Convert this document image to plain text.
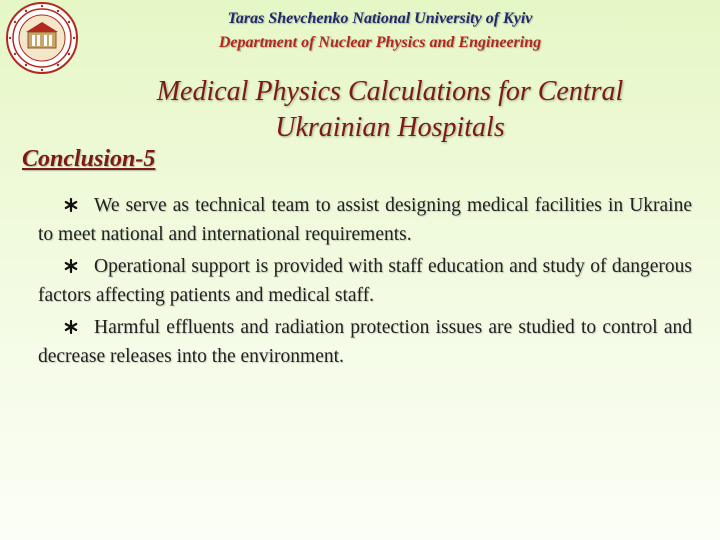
Taras Shevchenko National University of Kyiv
Department of Nuclear Physics and Engineering
Medical Physics Calculations for Central Ukrainian Hospitals
Conclusion-5

We serve as technical team to assist designing medical facilities in Ukraine to meet national and international requirements.

Operational support is provided with staff education and study of dangerous factors affecting patients and medical staff.

Harmful effluents and radiation protection issues are studied to control and decrease releases into the environment.
